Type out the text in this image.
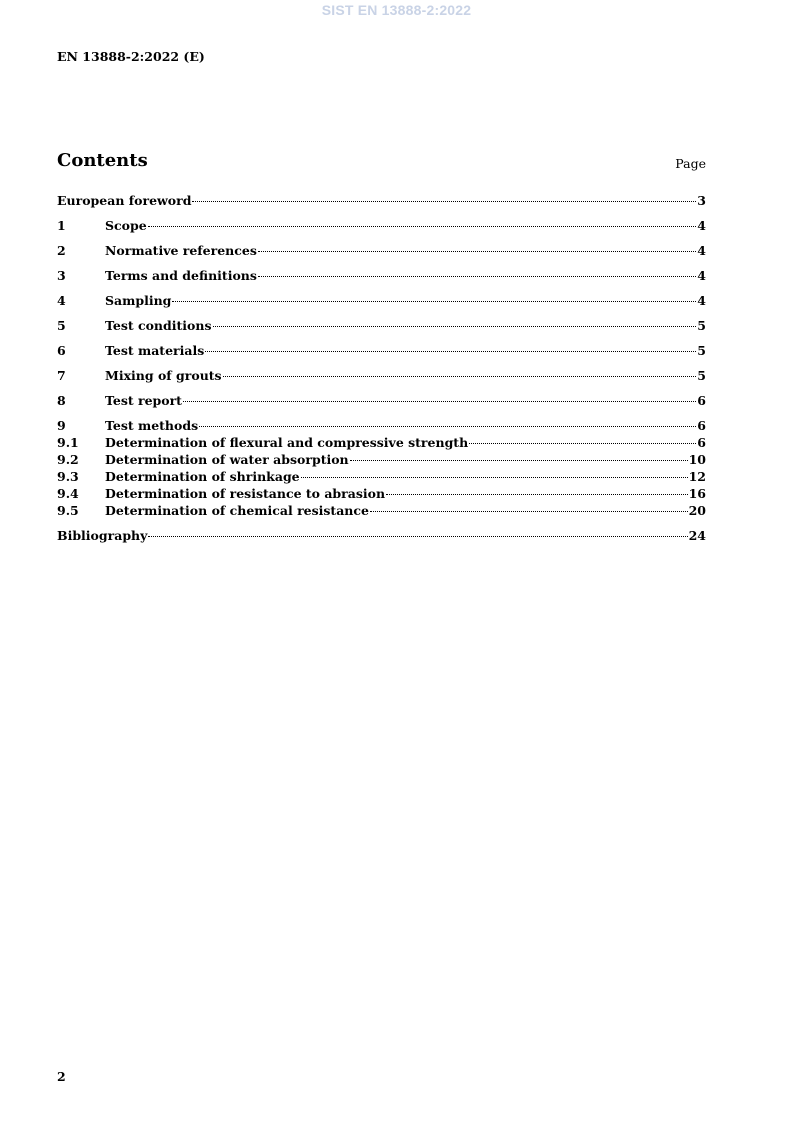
SIST EN 13888-2:2022
EN 13888-2:2022 (E)
Contents	Page
European foreword	3
1	Scope	4
2	Normative references	4
3	Terms and definitions	4
4	Sampling	4
5	Test conditions	5
6	Test materials	5
7	Mixing of grouts	5
8	Test report	6
9	Test methods	6
9.1	Determination of flexural and compressive strength	6
9.2	Determination of water absorption	10
9.3	Determination of shrinkage	12
9.4	Determination of resistance to abrasion	16
9.5	Determination of chemical resistance	20
Bibliography	24
2
